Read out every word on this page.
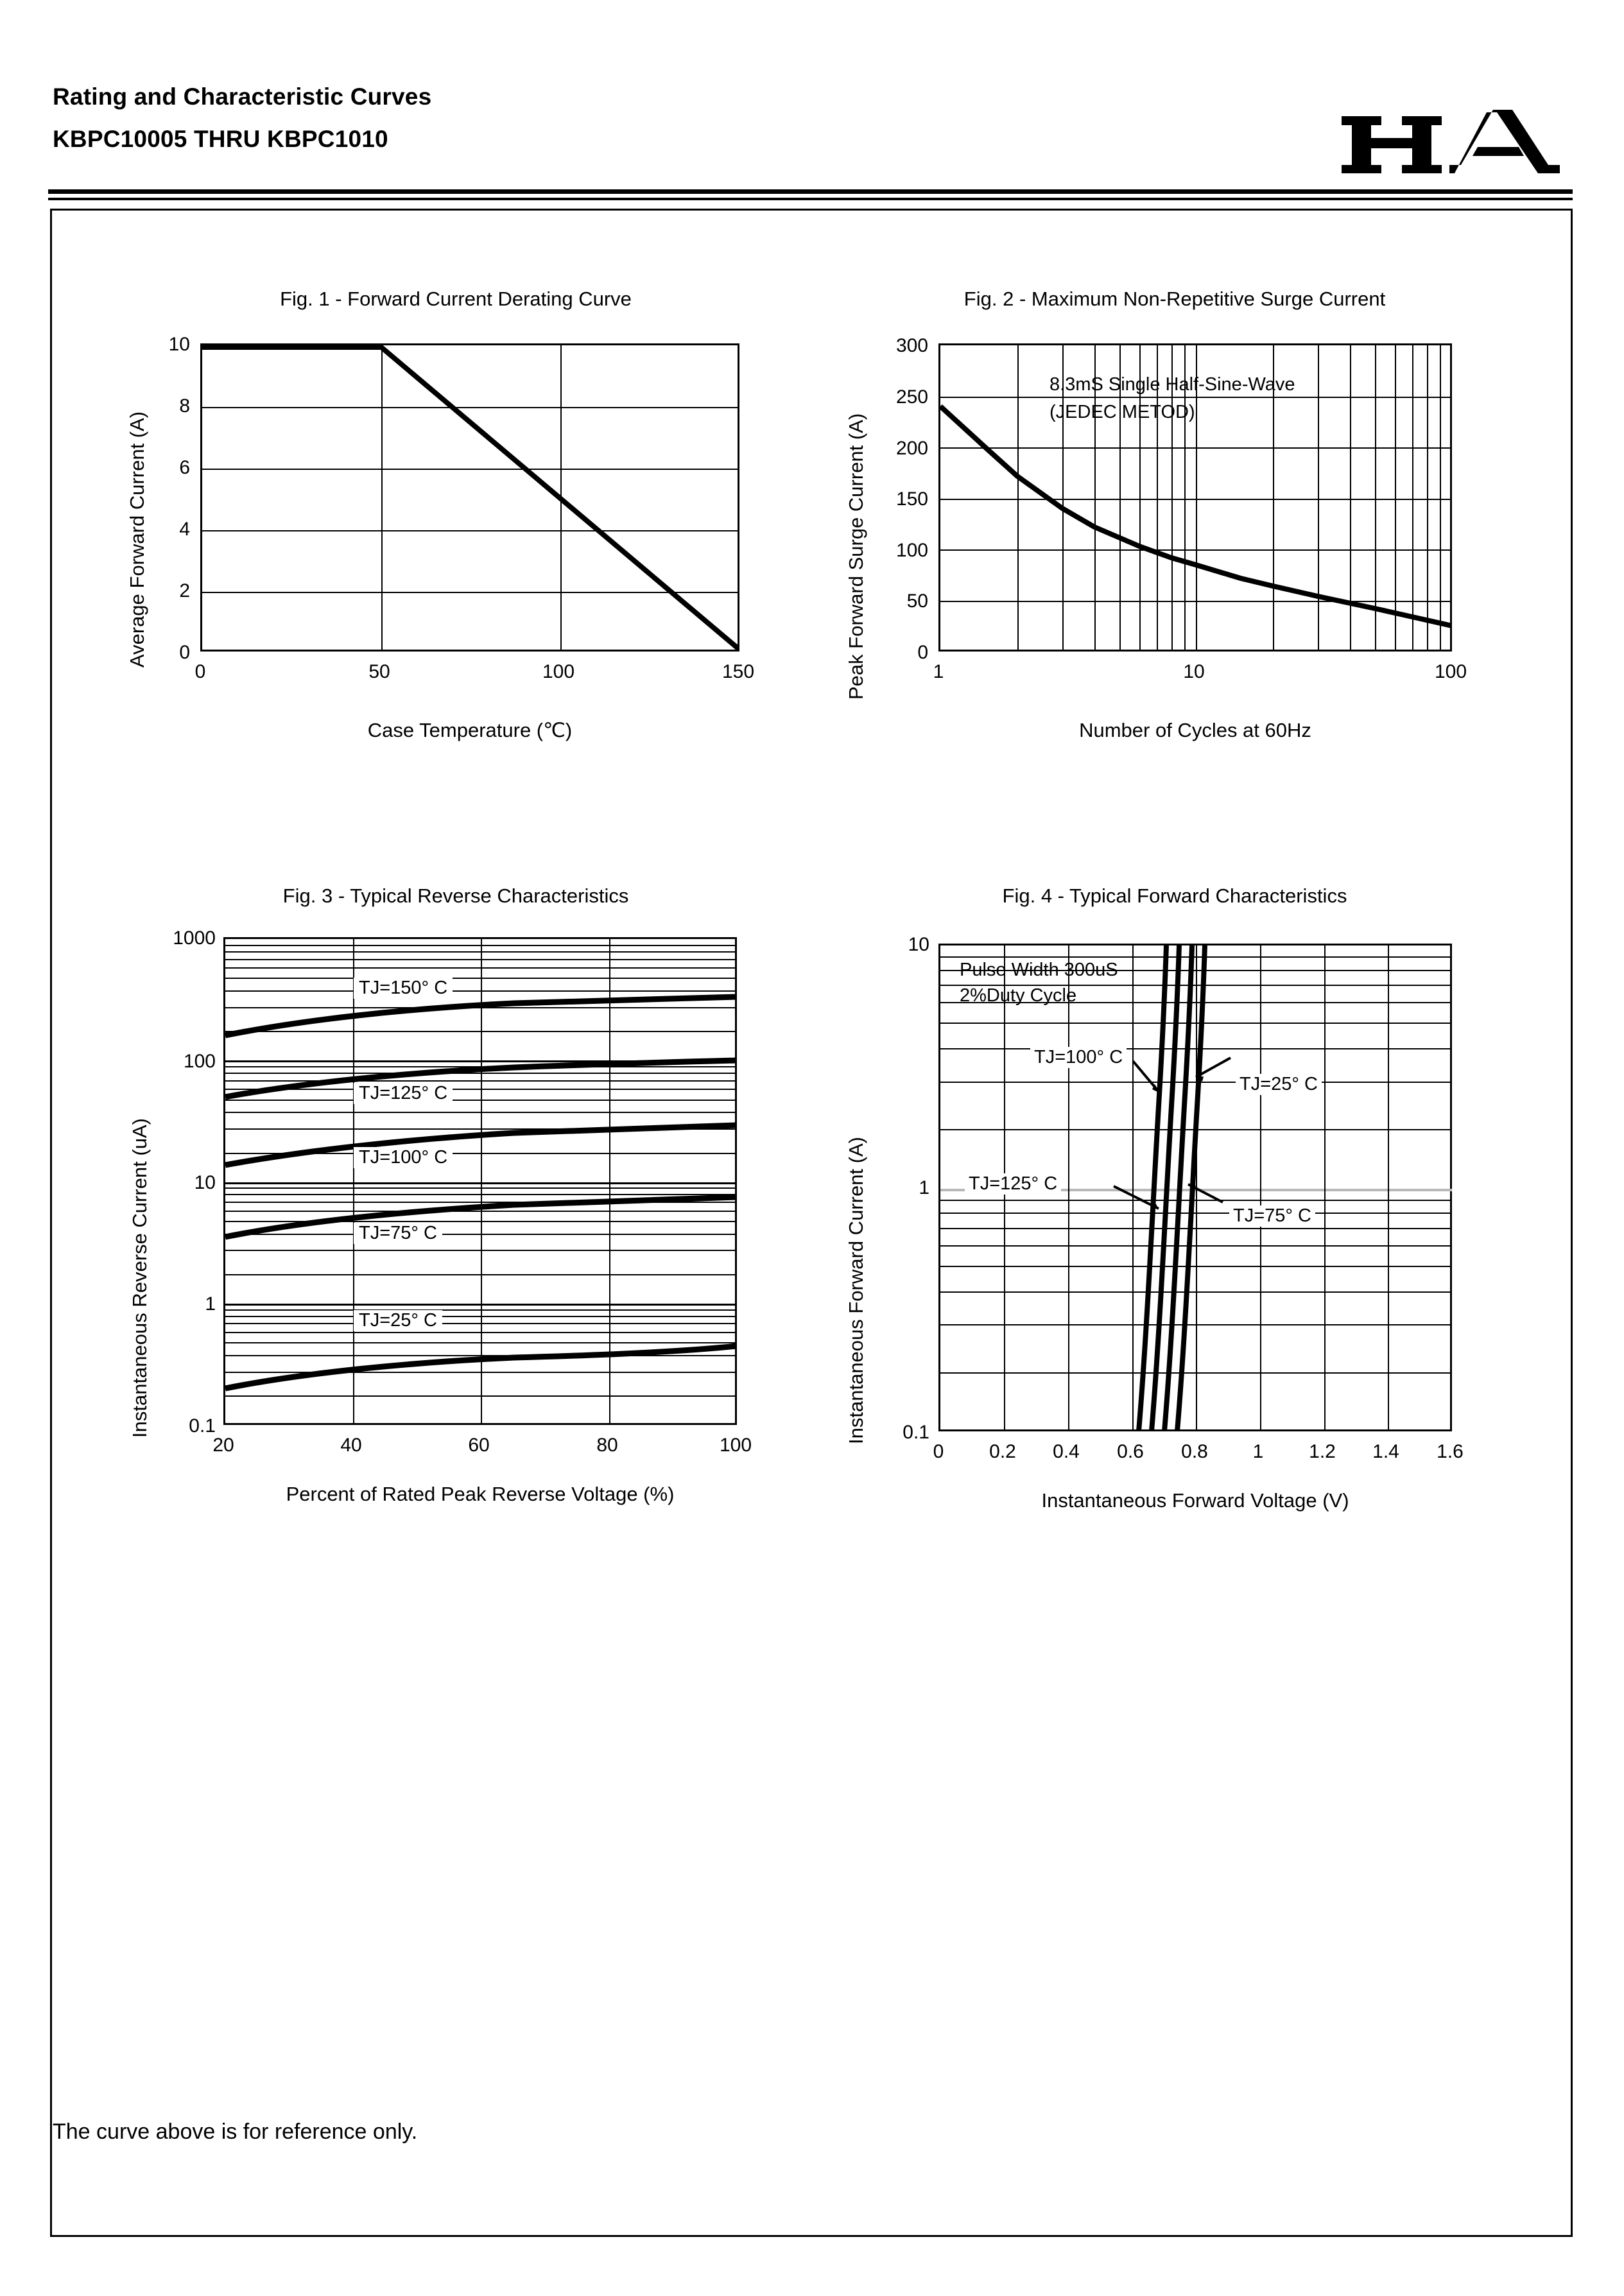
Rating and Characteristic Curves
KBPC10005 THRU KBPC1010
Fig. 1 - Forward Current Derating Curve
Average Forward Current (A)	0
2
4
6
8
10
0	50	100	150
Case Temperature (℃)
Fig. 2 - Maximum Non-Repetitive Surge Current
Peak Forward Surge Current (A)
8.3mS Single Half-Sine-Wave
(JEDEC METOD)
0
50
100
150
200
250
300
1	10	100
Number of Cycles at 60Hz
Fig. 3 - Typical Reverse Characteristics
Instantaneous Reverse Current (uA)
TJ=150° C
TJ=125° C
TJ=100° C
TJ=75° C
TJ=25° C
0.1
1
10
100
1000
20	40	60	80	100
Percent of Rated Peak Reverse Voltage (%)
Fig. 4 - Typical Forward Characteristics
Instantaneous Forward Current (A)
Pulse Width 300uS
2%Duty Cycle
TJ=100° C
TJ=25° C
TJ=125° C
TJ=75° C
0.1
1
10
0	0.2	0.4	0.6	0.8	1	1.2	1.4	1.6
Instantaneous Forward Voltage (V)
The curve above is for reference only.
